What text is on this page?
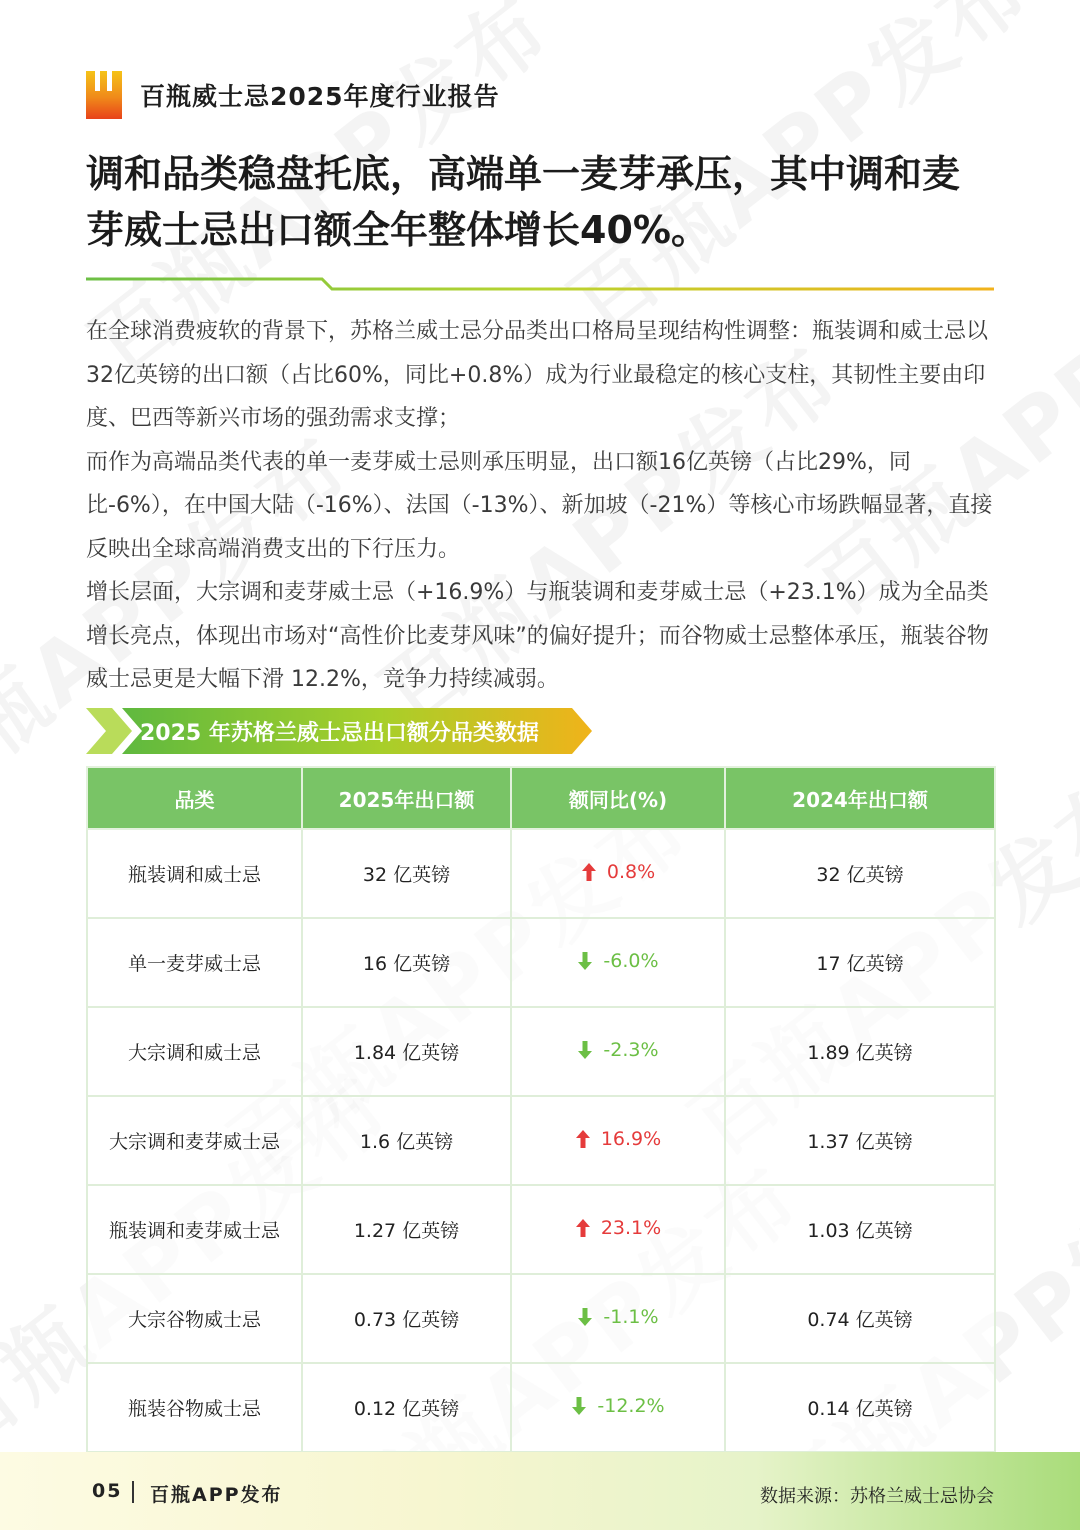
百瓶威士忌2025年度行业报告
调和品类稳盘托底，高端单一麦芽承压，其中调和麦
芽威士忌出口额全年整体增长40%。

在全球消费疲软的背景下，苏格兰威士忌分品类出口格局呈现结构性调整：瓶装调和威士忌以32亿英镑的出口额（占比60%，同比+0.8%）成为行业最稳定的核心支柱，其韧性主要由印度、巴西等新兴市场的强劲需求支撑；

而作为高端品类代表的单一麦芽威士忌则承压明显，出口额16亿英镑（占比29%，同比-6%），在中国大陆（-16%）、法国（-13%）、新加坡（-21%）等核心市场跌幅显著，直接反映出全球高端消费支出的下行压力。

增长层面，大宗调和麦芽威士忌（+16.9%）与瓶装调和麦芽威士忌（+23.1%）成为全品类增长亮点，体现出市场对“高性价比麦芽风味”的偏好提升；而谷物威士忌整体承压，瓶装谷物威士忌更是大幅下滑 12.2%，竞争力持续减弱。

2025 年苏格兰威士忌出口额分品类数据
品类	2025年出口额	额同比(%)	2024年出口额
瓶装调和威士忌	32 亿英镑	0.8%	32 亿英镑
单一麦芽威士忌	16 亿英镑	-6.0%	17 亿英镑
大宗调和威士忌	1.84 亿英镑	-2.3%	1.89 亿英镑
大宗调和麦芽威士忌	1.6 亿英镑	16.9%	1.37 亿英镑
瓶装调和麦芽威士忌	1.27 亿英镑	23.1%	1.03 亿英镑
大宗谷物威士忌	0.73 亿英镑	-1.1%	0.74 亿英镑
瓶装谷物威士忌	0.12 亿英镑	-12.2%	0.14 亿英镑
05 百瓶APP发布	数据来源：苏格兰威士忌协会
